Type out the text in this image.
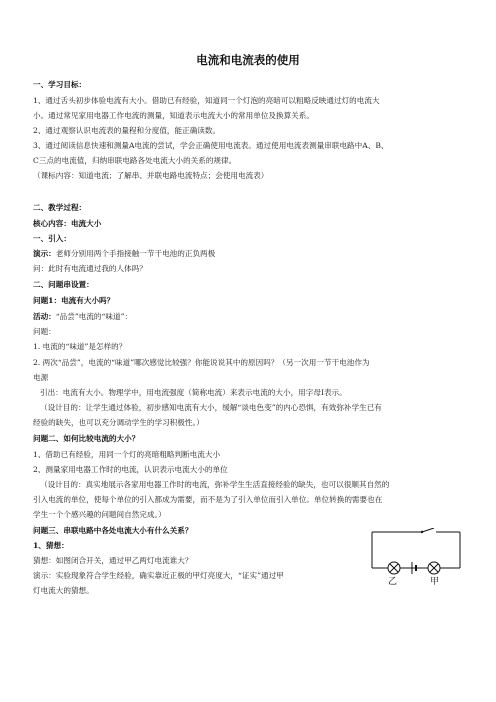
电流和电流表的使用
一、学习目标：
1、通过舌头初步体验电流有大小。借助已有经验，知道同一个灯泡的亮暗可以粗略反映通过灯的电流大
小。通过常见家用电器工作电流的测量，知道表示电流大小的常用单位及换算关系。
2、通过观察认识电流表的量程和分度值，能正确读数。
3、通过阅读信息快速和测量A电流的尝试，学会正确使用电流表。通过使用电流表测量串联电路中A、B、
C三点的电流值，归纳串联电路各处电流大小的关系的规律。
（课标内容：知道电流；了解串、并联电路电流特点；会使用电流表）
二、教学过程：
核心内容：电流大小
一、引入：
演示：老师分别用两个手指接触一节干电池的正负两极
问：此时有电流通过我的人体吗？
二、问题串设置：
问题1：电流有大小吗？
活动：“品尝”电流的“味道”：
问题：
1. 电流的“味道”是怎样的？
2. 两次“品尝”，电流的“味道”哪次感觉比较强？你能说说其中的原因吗？（另一次用一节干电池作为
电源
引出：电流有大小。物理学中，用电流强度（简称电流）来表示电流的大小，用字母I表示。
（设计目的：让学生通过体验，初步感知电流有大小，缓解“谈电色变”的内心恐惧，有效弥补学生已有
经验的缺失，也可以充分调动学生的学习积极性。）
问题二、如何比较电流的大小？
1、借助已有经验，用同一个灯的亮暗粗略判断电流大小
2、测量家用电器工作时的电流，认识表示电流大小的单位
（设计目的：真实地展示各家用电器工作时的电流，弥补学生生活直接经验的缺失，也可以很顺其自然的
引入电流的单位，使每个单位的引入都成为需要，而不是为了引入单位而引入单位。单位转换的需要也在
学生一个个感兴趣的问题间自然完成。）
问题三、串联电路中各处电流大小有什么关系？
1、猜想：
猜想：如图闭合开关，通过甲乙两灯电流谁大？
演示：实验现象符合学生经验，确实靠近正极的甲灯亮度大，“证实”通过甲
灯电流大的猜想。
乙	甲
